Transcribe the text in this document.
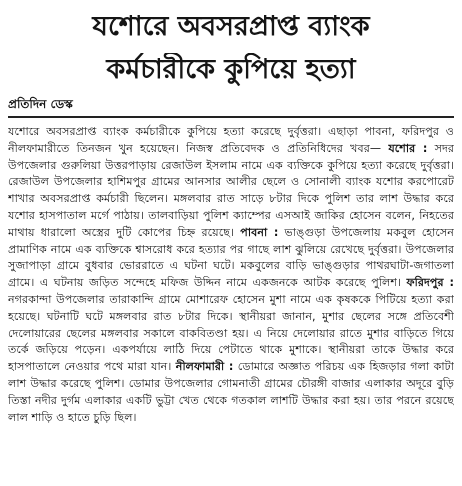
যশোরে অবসরপ্রাপ্ত ব্যাংক
কর্মচারীকে কুপিয়ে হত্যা
প্রতিদিন ডেস্ক

যশোরে অবসরপ্রাপ্ত ব্যাংক কর্মচারীকে কুপিয়ে হত্যা করেছে দুর্বৃত্তরা। এছাড়া পাবনা, ফরিদপুর ও নীলফামারীতে তিনজন খুন হয়েছেন। নিজস্ব প্রতিবেদক ও প্রতিনিধিদের খবর— যশোর : সদর উপজেলার গুরুলিয়া উত্তরপাড়ায় রেজাউল ইসলাম নামে এক ব্যক্তিকে কুপিয়ে হত্যা করেছে দুর্বৃত্তরা। রেজাউল উপজেলার হাশিমপুর গ্রামের আনসার আলীর ছেলে ও সোনালী ব্যাংক যশোর করপোরেট শাখার অবসরপ্রাপ্ত কর্মচারী ছিলেন। মঙ্গলবার রাত সাড়ে ৮টার দিকে পুলিশ তার লাশ উদ্ধার করে যশোর হাসপাতাল মর্গে পাঠায়। তালবাড়িয়া পুলিশ ক্যাম্পের এসআই জাকির হোসেন বলেন, নিহতের মাথায় ধারালো অস্ত্রের দুটি কোপের চিহ্ন রয়েছে। পাবনা : ভাঙ্গুড়া উপজেলায় মকবুল হোসেন প্রামাণিক নামে এক ব্যক্তিকে শ্বাসরোধ করে হত্যার পর গাছে লাশ ঝুলিয়ে রেখেছে দুর্বৃত্তরা। উপজেলার সুজাপাড়া গ্রামে বুধবার ভোররাতে এ ঘটনা ঘটে। মকবুলের বাড়ি ভাঙ্গুড়ার পাথরঘাটা-জগাতলা গ্রামে। এ ঘটনায় জড়িত সন্দেহে মফিজ উদ্দিন নামে একজনকে আটক করেছে পুলিশ। ফরিদপুর : নগরকান্দা উপজেলার তারাকান্দি গ্রামে মোশারেফ হোসেন মুশা নামে এক কৃষককে পিটিয়ে হত্যা করা হয়েছে। ঘটনাটি ঘটে মঙ্গলবার রাত ৮টার দিকে। স্থানীয়রা জানান, মুশার ছেলের সঙ্গে প্রতিবেশী দেলোয়ারের ছেলের মঙ্গলবার সকালে বাকবিতণ্ডা হয়। এ নিয়ে দেলোয়ার রাতে মুশার বাড়িতে গিয়ে তর্কে জড়িয়ে পড়েন। একপর্যায়ে লাঠি দিয়ে পেটাতে থাকে মুশাকে। স্থানীয়রা তাকে উদ্ধার করে হাসপাতালে নেওয়ার পথে মারা যান। নীলফামারী : ডোমারে অজ্ঞাত পরিচয় এক হিজড়ার গলা কাটা লাশ উদ্ধার করেছে পুলিশ। ডোমার উপজেলার গোমনাতী গ্রামের চৌরঙ্গী বাজার এলাকার অদূরে বুড়ি তিস্তা নদীর দুর্গম এলাকার একটি ভুট্টা খেত থেকে গতকাল লাশটি উদ্ধার করা হয়। তার পরনে রয়েছে লাল শাড়ি ও হাতে চুড়ি ছিল।
